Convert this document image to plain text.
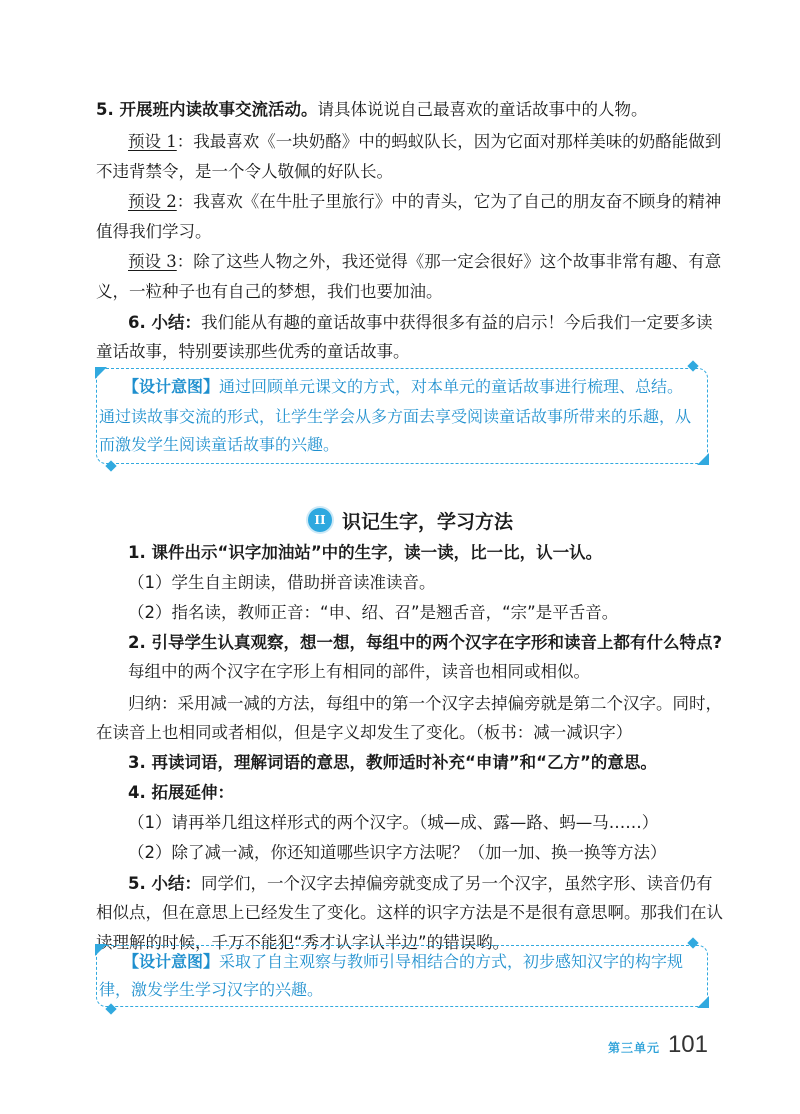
5. 开展班内读故事交流活动。请具体说说自己最喜欢的童话故事中的人物。
预设 1：我最喜欢《一块奶酪》中的蚂蚁队长，因为它面对那样美味的奶酪能做到
不违背禁令，是一个令人敬佩的好队长。
预设 2：我喜欢《在牛肚子里旅行》中的青头，它为了自己的朋友奋不顾身的精神
值得我们学习。
预设 3：除了这些人物之外，我还觉得《那一定会很好》这个故事非常有趣、有意
义，一粒种子也有自己的梦想，我们也要加油。
6. 小结：我们能从有趣的童话故事中获得很多有益的启示！今后我们一定要多读
童话故事，特别要读那些优秀的童话故事。
【设计意图】通过回顾单元课文的方式，对本单元的童话故事进行梳理、总结。
通过读故事交流的形式，让学生学会从多方面去享受阅读童话故事所带来的乐趣，从
而激发学生阅读童话故事的兴趣。
II 识记生字，学习方法
1. 课件出示“识字加油站”中的生字，读一读，比一比，认一认。
（1）学生自主朗读，借助拼音读准读音。
（2）指名读，教师正音：“申、绍、召”是翘舌音，“宗”是平舌音。
2. 引导学生认真观察，想一想，每组中的两个汉字在字形和读音上都有什么特点?
每组中的两个汉字在字形上有相同的部件，读音也相同或相似。
归纳：采用减一减的方法，每组中的第一个汉字去掉偏旁就是第二个汉字。同时，
在读音上也相同或者相似，但是字义却发生了变化。（板书：减一减识字）
3. 再读词语，理解词语的意思，教师适时补充“申请”和“乙方”的意思。
4. 拓展延伸：
（1）请再举几组这样形式的两个汉字。（城—成、露—路、蚂—马……）
（2）除了减一减，你还知道哪些识字方法呢？（加一加、换一换等方法）
5. 小结：同学们，一个汉字去掉偏旁就变成了另一个汉字，虽然字形、读音仍有
相似点，但在意思上已经发生了变化。这样的识字方法是不是很有意思啊。那我们在认
读理解的时候，千万不能犯“秀才认字认半边”的错误哟。
【设计意图】采取了自主观察与教师引导相结合的方式，初步感知汉字的构字规
律，激发学生学习汉字的兴趣。
第三单元 101
